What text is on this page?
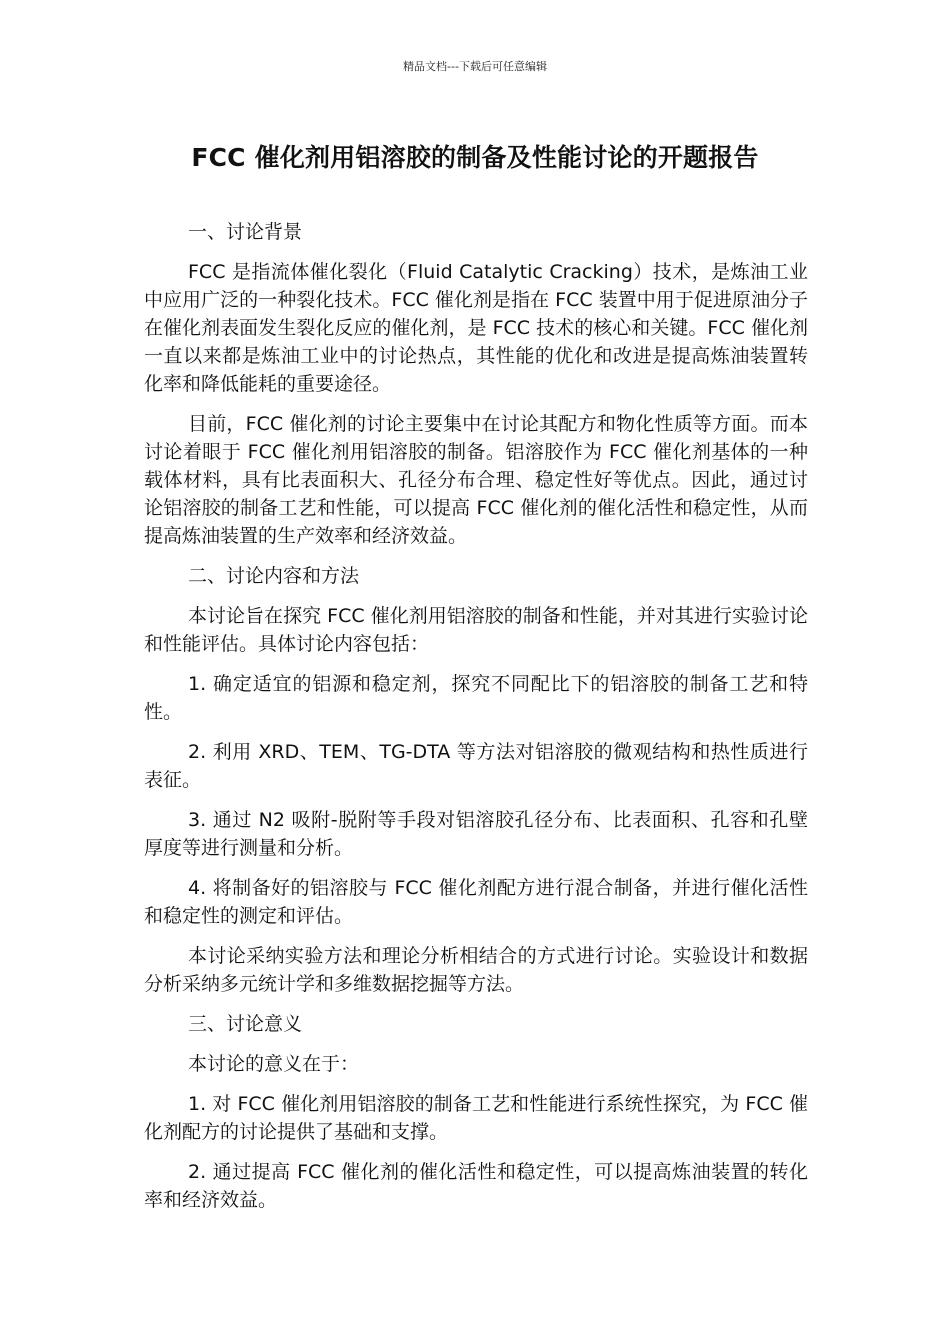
精品文档---下载后可任意编辑
FCC 催化剂用铝溶胶的制备及性能讨论的开题报告

一、讨论背景

FCC 是指流体催化裂化（Fluid Catalytic Cracking）技术，是炼油工业中应用广泛的一种裂化技术。FCC 催化剂是指在 FCC 装置中用于促进原油分子在催化剂表面发生裂化反应的催化剂，是 FCC 技术的核心和关键。FCC 催化剂一直以来都是炼油工业中的讨论热点，其性能的优化和改进是提高炼油装置转化率和降低能耗的重要途径。

目前，FCC 催化剂的讨论主要集中在讨论其配方和物化性质等方面。而本讨论着眼于 FCC 催化剂用铝溶胶的制备。铝溶胶作为 FCC 催化剂基体的一种载体材料，具有比表面积大、孔径分布合理、稳定性好等优点。因此，通过讨论铝溶胶的制备工艺和性能，可以提高 FCC 催化剂的催化活性和稳定性，从而提高炼油装置的生产效率和经济效益。

二、讨论内容和方法

本讨论旨在探究 FCC 催化剂用铝溶胶的制备和性能，并对其进行实验讨论和性能评估。具体讨论内容包括：

1. 确定适宜的铝源和稳定剂，探究不同配比下的铝溶胶的制备工艺和特性。

2. 利用 XRD、TEM、TG-DTA 等方法对铝溶胶的微观结构和热性质进行表征。

3. 通过 N2 吸附-脱附等手段对铝溶胶孔径分布、比表面积、孔容和孔壁厚度等进行测量和分析。

4. 将制备好的铝溶胶与 FCC 催化剂配方进行混合制备，并进行催化活性和稳定性的测定和评估。

本讨论采纳实验方法和理论分析相结合的方式进行讨论。实验设计和数据分析采纳多元统计学和多维数据挖掘等方法。

三、讨论意义

本讨论的意义在于：

1. 对 FCC 催化剂用铝溶胶的制备工艺和性能进行系统性探究，为 FCC 催化剂配方的讨论提供了基础和支撑。

2. 通过提高 FCC 催化剂的催化活性和稳定性，可以提高炼油装置的转化率和经济效益。
